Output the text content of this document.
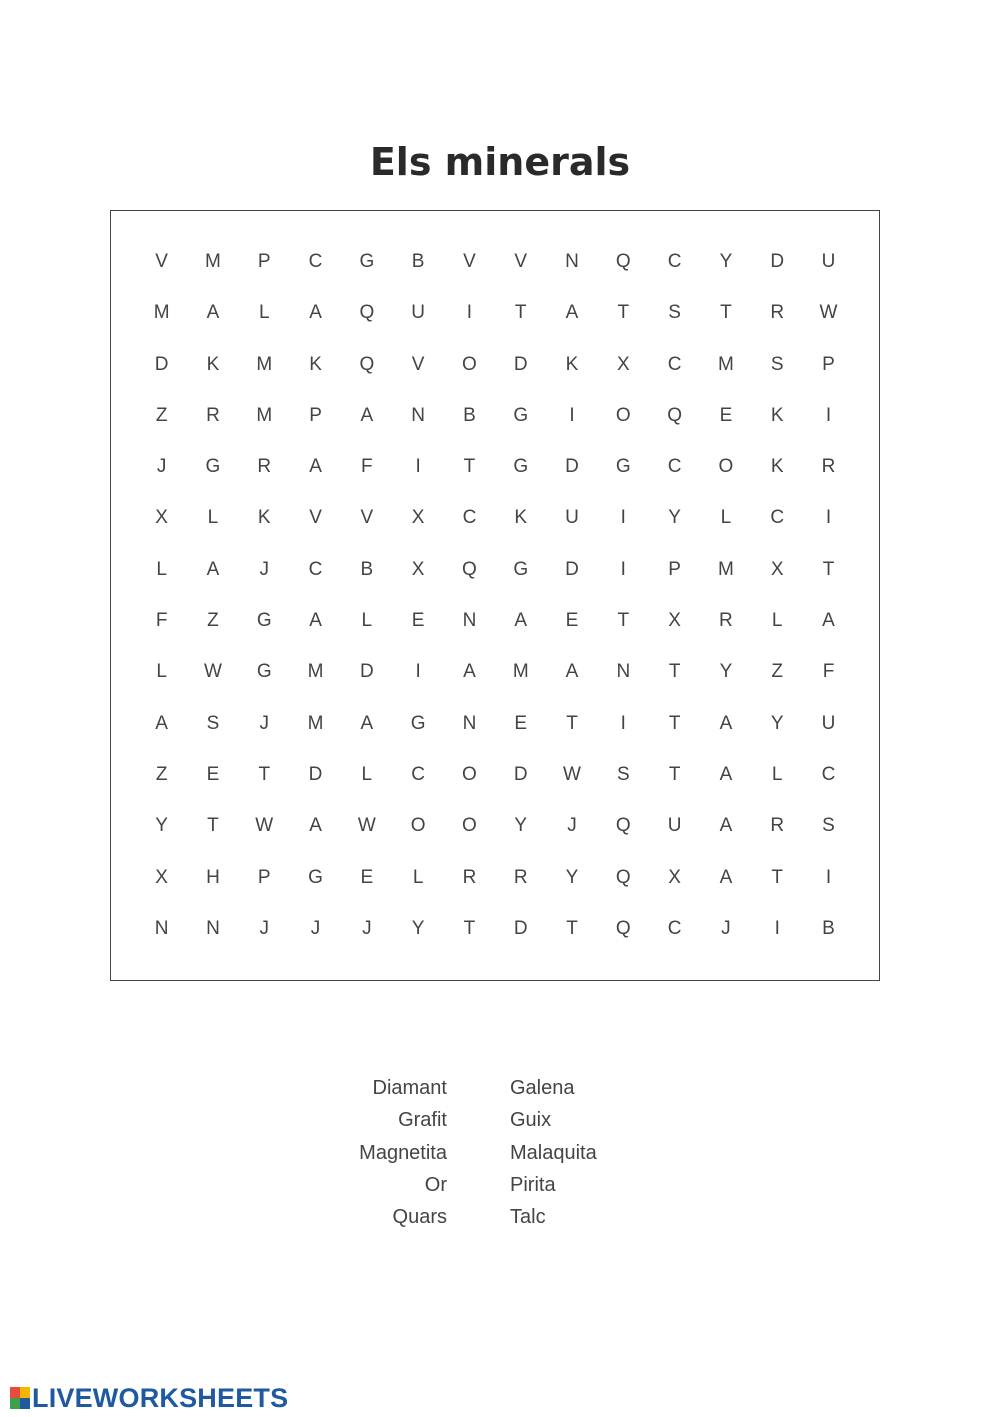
Els minerals
V	M	P	C	G	B	V	V	N	Q	C	Y	D	U
M	A	L	A	Q	U	I	T	A	T	S	T	R	W
D	K	M	K	Q	V	O	D	K	X	C	M	S	P
Z	R	M	P	A	N	B	G	I	O	Q	E	K	I
J	G	R	A	F	I	T	G	D	G	C	O	K	R
X	L	K	V	V	X	C	K	U	I	Y	L	C	I
L	A	J	C	B	X	Q	G	D	I	P	M	X	T
F	Z	G	A	L	E	N	A	E	T	X	R	L	A
L	W	G	M	D	I	A	M	A	N	T	Y	Z	F
A	S	J	M	A	G	N	E	T	I	T	A	Y	U
Z	E	T	D	L	C	O	D	W	S	T	A	L	C
Y	T	W	A	W	O	O	Y	J	Q	U	A	R	S
X	H	P	G	E	L	R	R	Y	Q	X	A	T	I
N	N	J	J	J	Y	T	D	T	Q	C	J	I	B
Diamant
Grafit
Magnetita
Or
Quars
Galena
Guix
Malaquita
Pirita
Talc
LIVEWORKSHEETS
